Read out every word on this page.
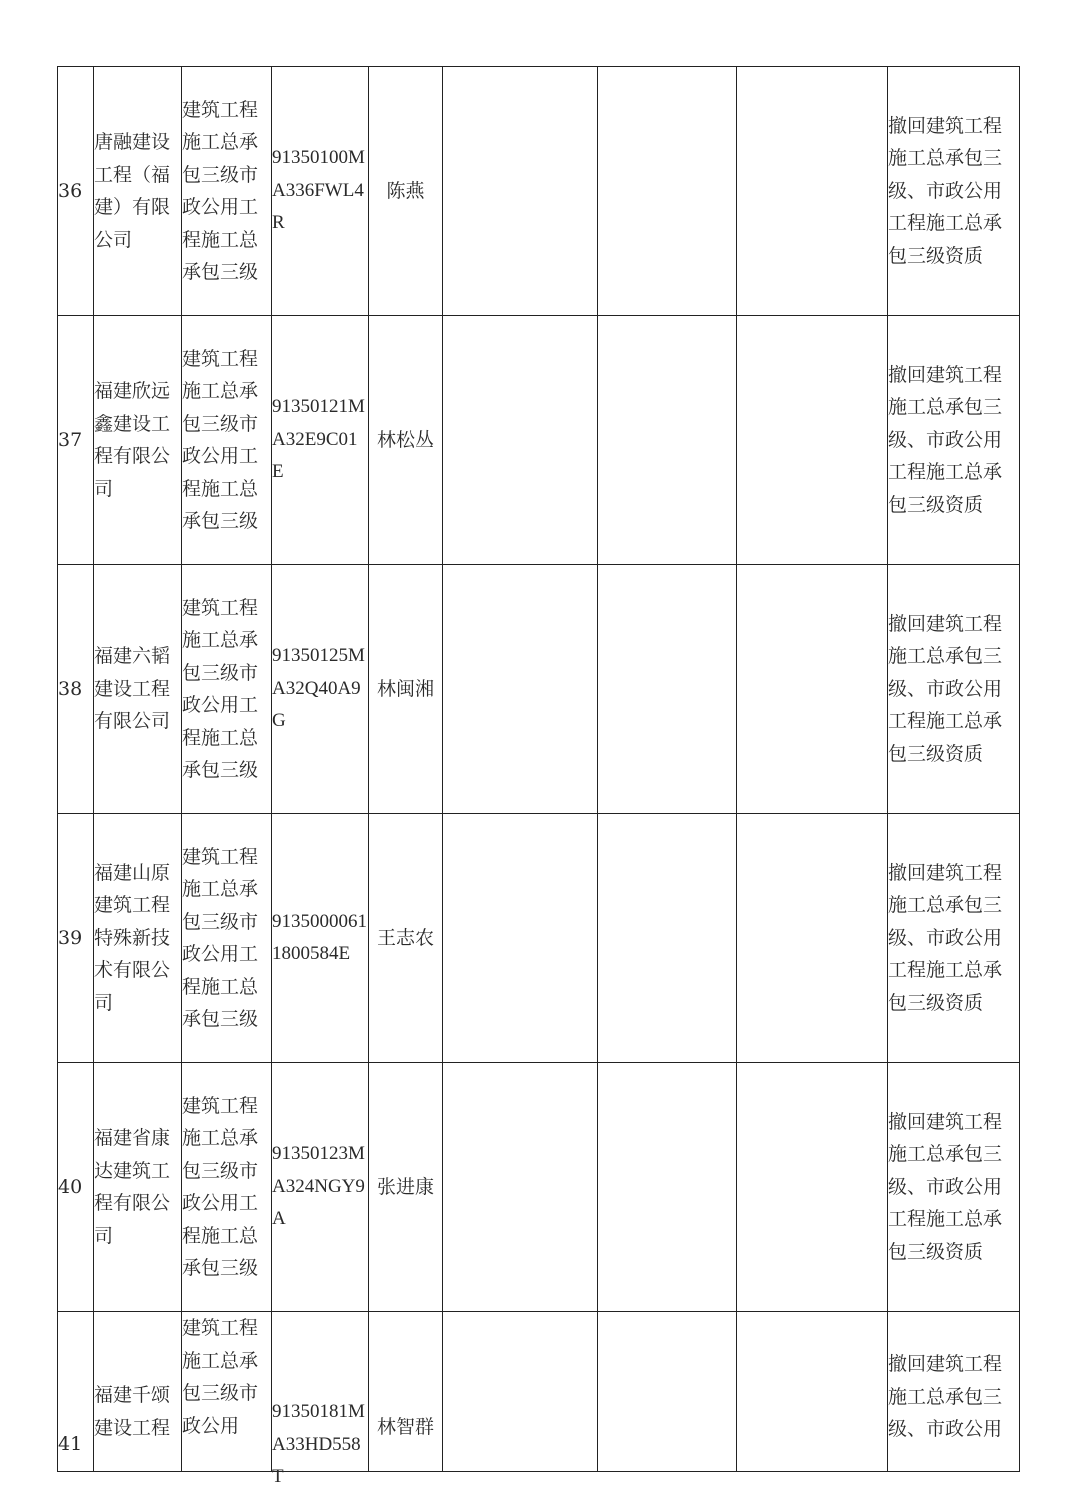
36	唐融建设工程（福建）有限公司	建筑工程施工总承包三级市政公用工程施工总承包三级	91350100MA336FWL4R	陈燕				撤回建筑工程施工总承包三级、市政公用工程施工总承包三级资质

37	福建欣远鑫建设工程有限公司	建筑工程施工总承包三级市政公用工程施工总承包三级	91350121MA32E9C01E	林松丛				撤回建筑工程施工总承包三级、市政公用工程施工总承包三级资质

38	福建六韬建设工程有限公司	建筑工程施工总承包三级市政公用工程施工总承包三级	91350125MA32Q40A9G	林闽湘				撤回建筑工程施工总承包三级、市政公用工程施工总承包三级资质

39	福建山原建筑工程特殊新技术有限公司	建筑工程施工总承包三级市政公用工程施工总承包三级	91350000611800584E	王志农				撤回建筑工程施工总承包三级、市政公用工程施工总承包三级资质

40	福建省康达建筑工程有限公司	建筑工程施工总承包三级市政公用工程施工总承包三级	91350123MA324NGY9A	张进康				撤回建筑工程施工总承包三级、市政公用工程施工总承包三级资质

41	福建千颂建设工程	建筑工程施工总承包三级市政公用	91350181MA33HD558T	林智群				撤回建筑工程施工总承包三级、市政公用
